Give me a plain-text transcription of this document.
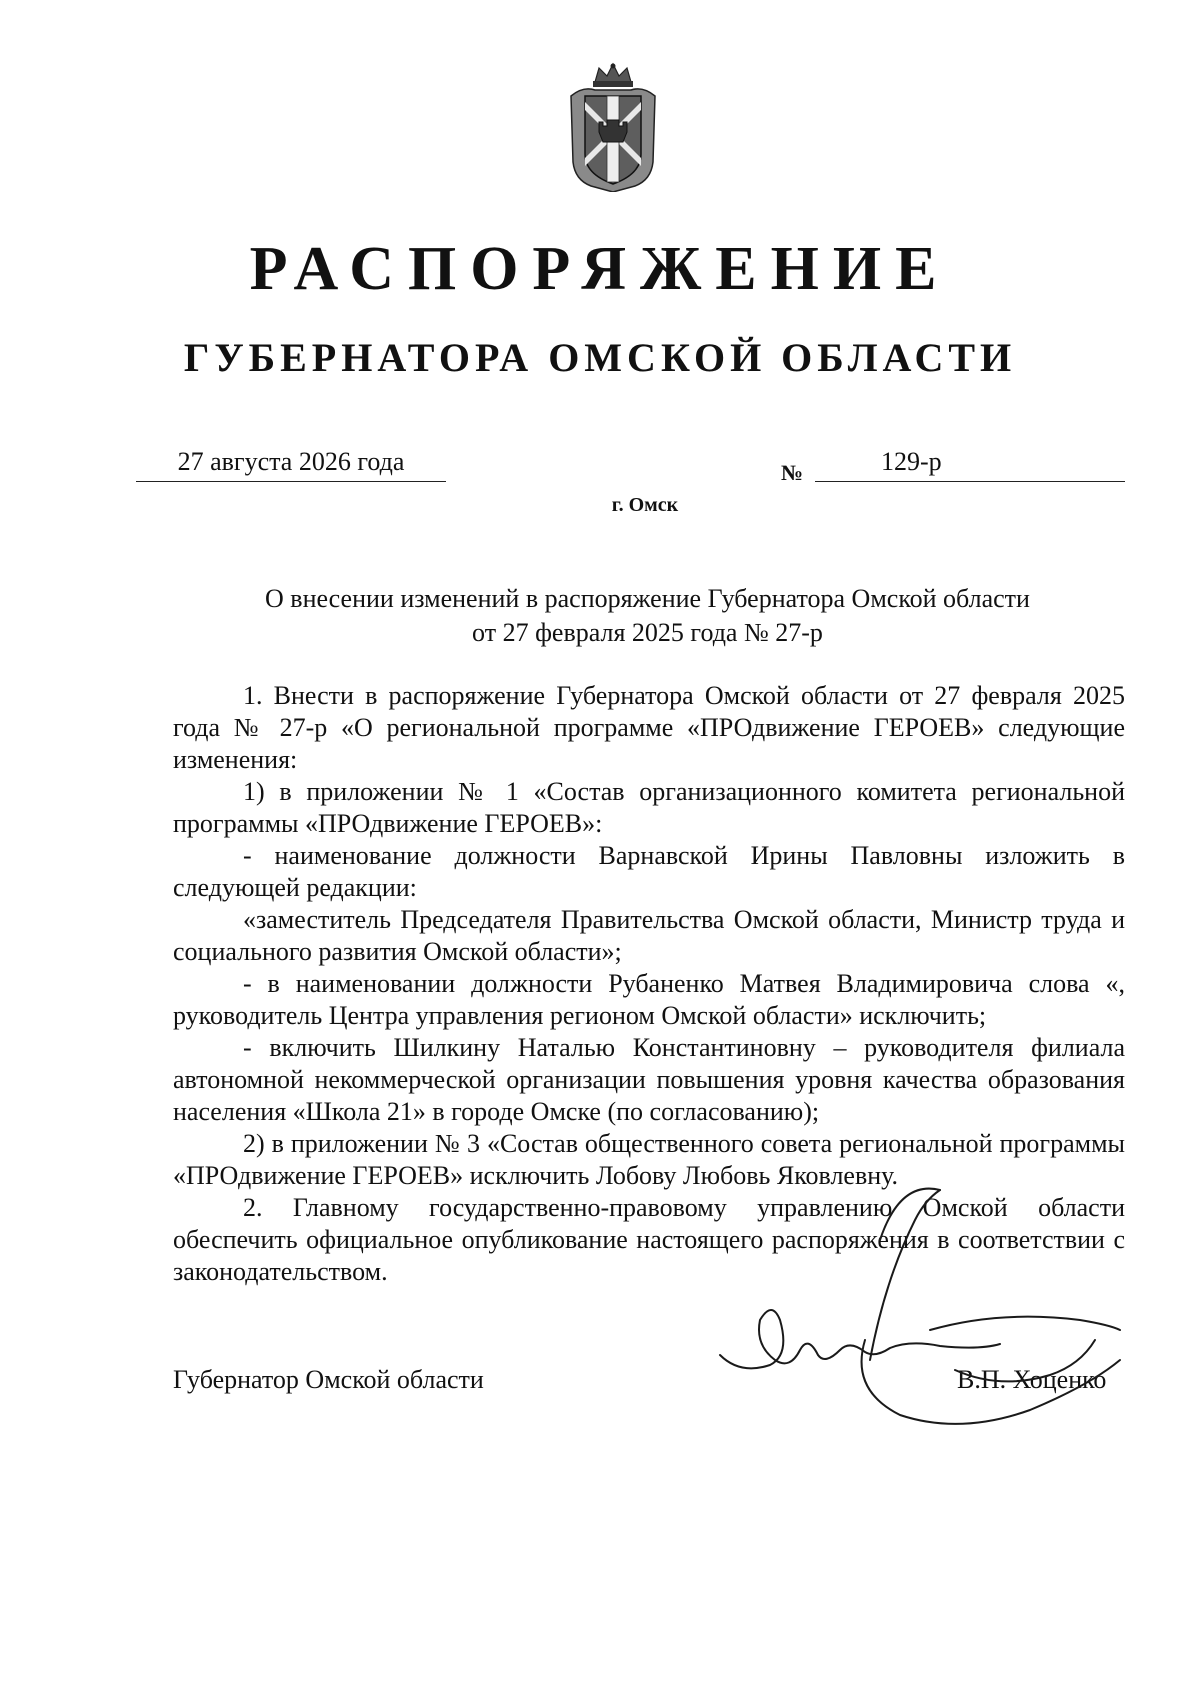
РАСПОРЯЖЕНИЕ
ГУБЕРНАТОРА ОМСКОЙ ОБЛАСТИ
27 августа 2026 года	№	129-р
г. Омск
О внесении изменений в распоряжение Губернатора Омской области
от 27 февраля 2025 года № 27-р

1. Внести в распоряжение Губернатора Омской области от 27 февраля 2025 года № 27-р «О региональной программе «ПРОдвижение ГЕРОЕВ» следующие изменения:

1) в приложении № 1 «Состав организационного комитета региональной программы «ПРОдвижение ГЕРОЕВ»:

- наименование должности Варнавской Ирины Павловны изложить в следующей редакции:

«заместитель Председателя Правительства Омской области, Министр труда и социального развития Омской области»;

- в наименовании должности Рубаненко Матвея Владимировича слова «, руководитель Центра управления регионом Омской области» исключить;

- включить Шилкину Наталью Константиновну – руководителя филиала автономной некоммерческой организации повышения уровня качества образования населения «Школа 21» в городе Омске (по согласованию);

2) в приложении № 3 «Состав общественного совета региональной программы «ПРОдвижение ГЕРОЕВ» исключить Лобову Любовь Яковлевну.

2. Главному государственно-правовому управлению Омской области обеспечить официальное опубликование настоящего распоряжения в соответствии с законодательством.

Губернатор Омской области	В.П. Хоценко
